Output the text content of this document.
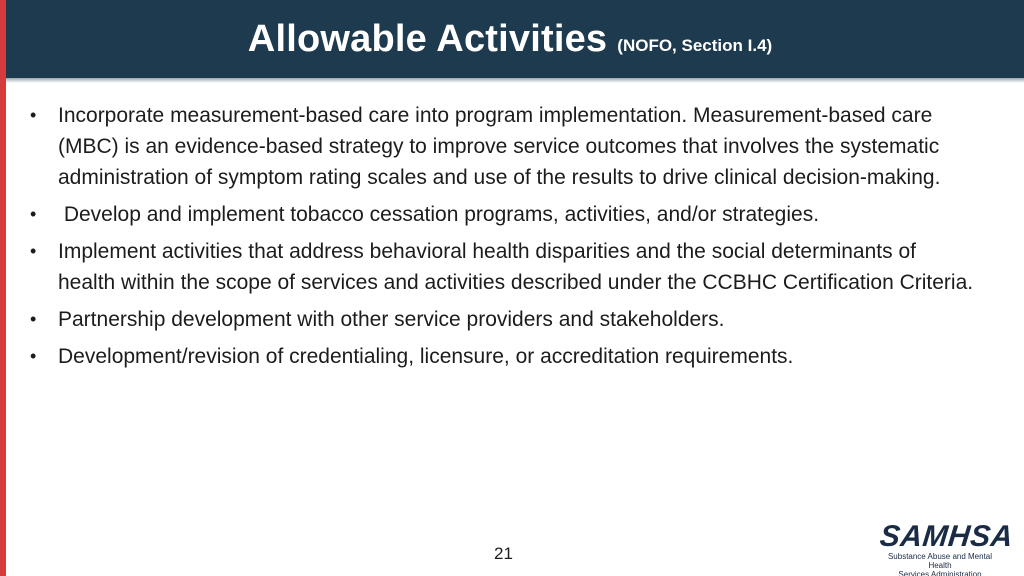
Allowable Activities (NOFO, Section I.4)
• Incorporate measurement-based care into program implementation. Measurement-based care (MBC) is an evidence-based strategy to improve service outcomes that involves the systematic administration of symptom rating scales and use of the results to drive clinical decision-making.
• Develop and implement tobacco cessation programs, activities, and/or strategies.
• Implement activities that address behavioral health disparities and the social determinants of health within the scope of services and activities described under the CCBHC Certification Criteria.
• Partnership development with other service providers and stakeholders.
• Development/revision of credentialing, licensure, or accreditation requirements.
21
SAMHSA
Substance Abuse and Mental Health
Services Administration
